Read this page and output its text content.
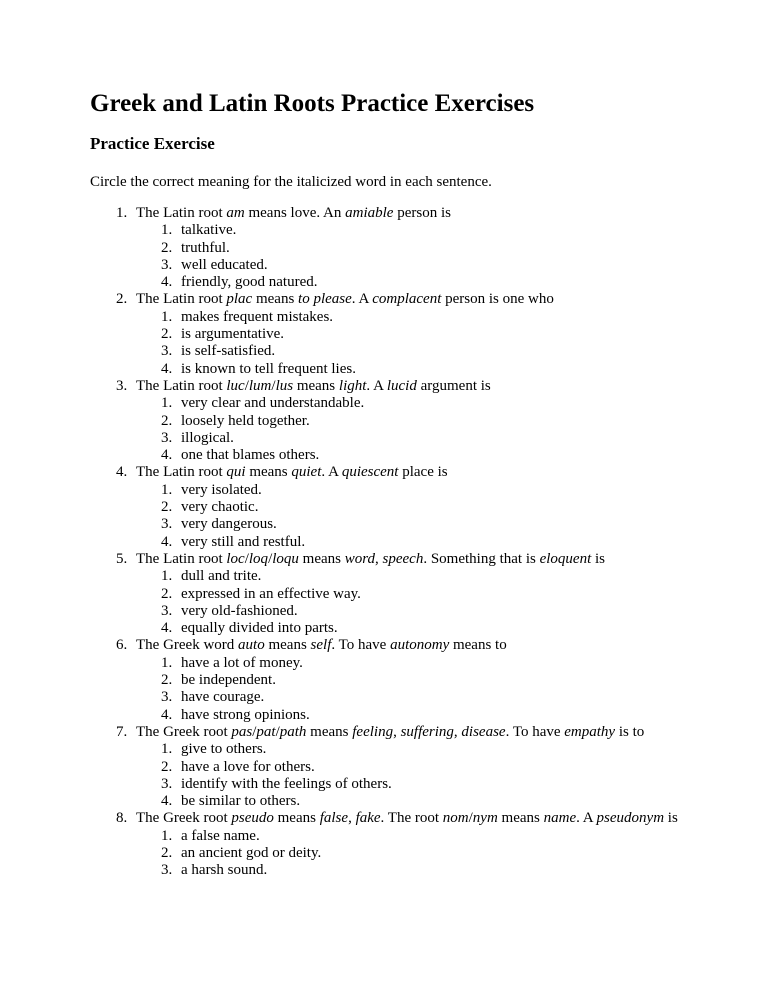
Greek and Latin Roots Practice Exercises
Practice Exercise

Circle the correct meaning for the italicized word in each sentence.

1. The Latin root am means love. An amiable person is
1. talkative.
2. truthful.
3. well educated.
4. friendly, good natured.
2. The Latin root plac means to please. A complacent person is one who
1. makes frequent mistakes.
2. is argumentative.
3. is self-satisfied.
4. is known to tell frequent lies.
3. The Latin root luc/lum/lus means light. A lucid argument is
1. very clear and understandable.
2. loosely held together.
3. illogical.
4. one that blames others.
4. The Latin root qui means quiet. A quiescent place is
1. very isolated.
2. very chaotic.
3. very dangerous.
4. very still and restful.
5. The Latin root loc/loq/loqu means word, speech. Something that is eloquent is
1. dull and trite.
2. expressed in an effective way.
3. very old-fashioned.
4. equally divided into parts.
6. The Greek word auto means self. To have autonomy means to
1. have a lot of money.
2. be independent.
3. have courage.
4. have strong opinions.
7. The Greek root pas/pat/path means feeling, suffering, disease. To have empathy is to
1. give to others.
2. have a love for others.
3. identify with the feelings of others.
4. be similar to others.
8. The Greek root pseudo means false, fake. The root nom/nym means name. A pseudonym is
1. a false name.
2. an ancient god or deity.
3. a harsh sound.
